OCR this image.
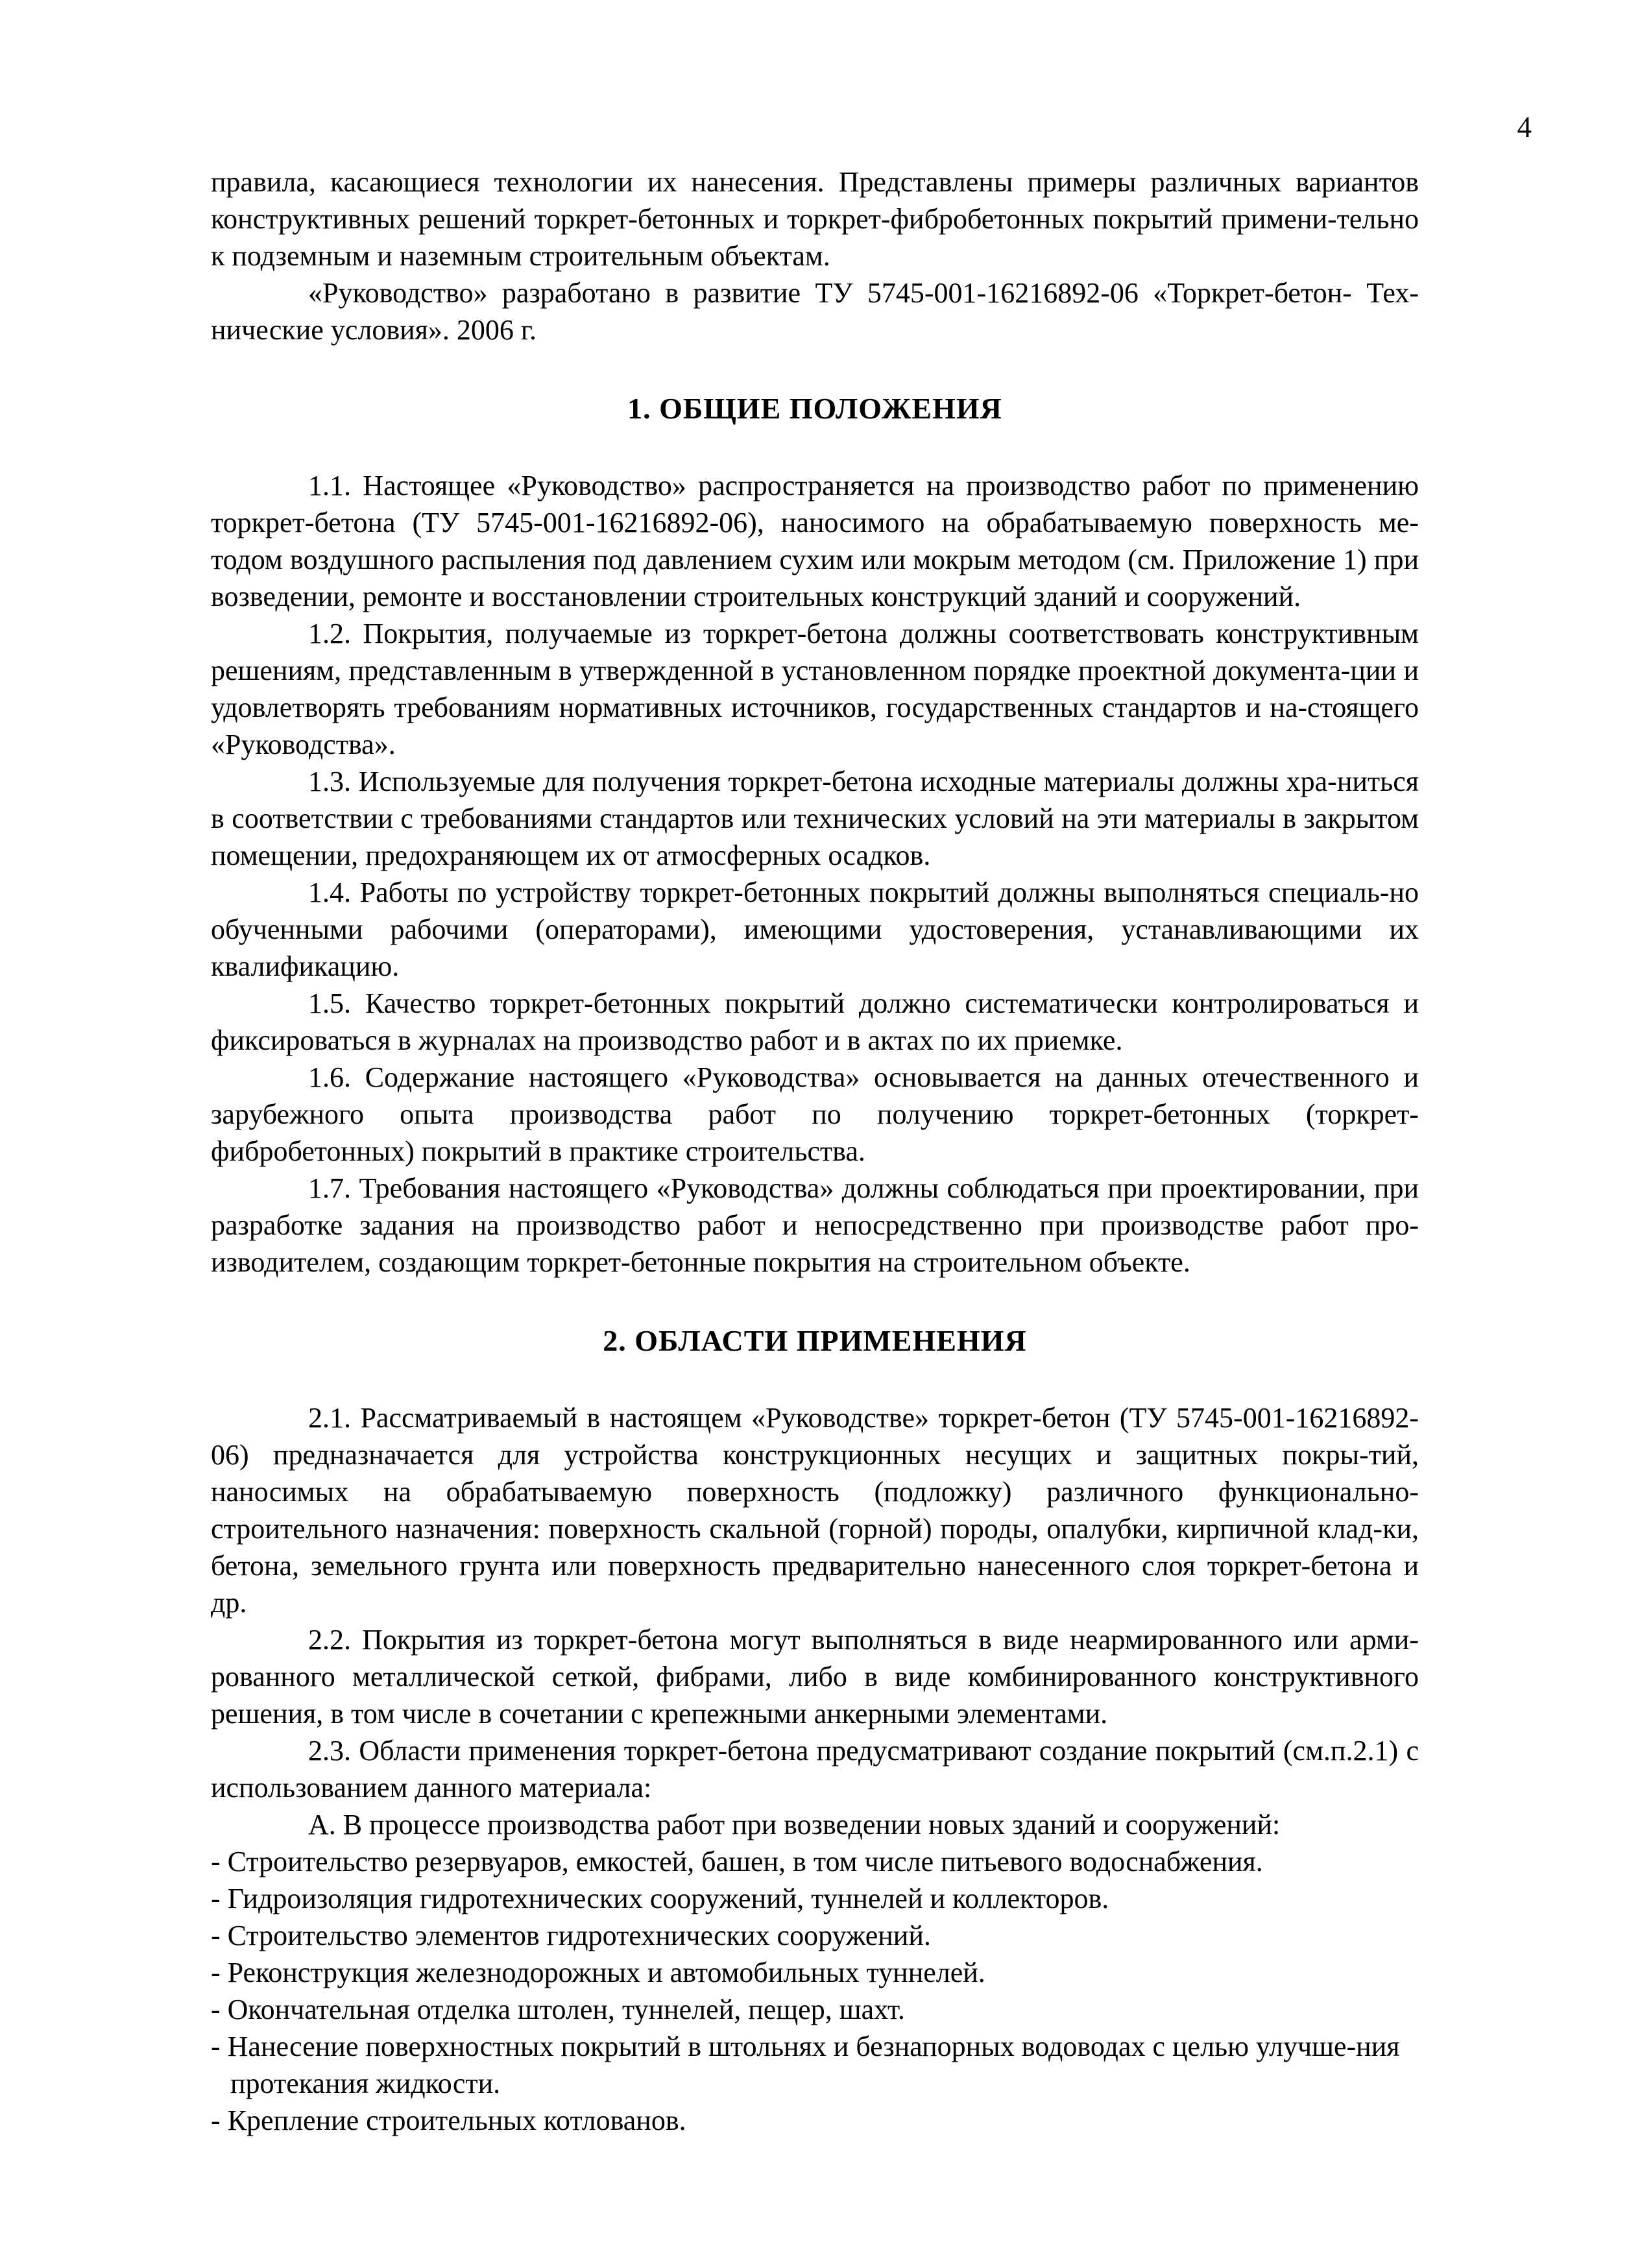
4

правила, касающиеся технологии их нанесения. Представлены примеры различных вариантов конструктивных решений торкрет-бетонных и торкрет-фибробетонных покрытий примени-тельно к подземным и наземным строительным объектам.

«Руководство» разработано в развитие ТУ 5745-001-16216892-06 «Торкрет-бетон- Тех-нические условия». 2006 г.

1. ОБЩИЕ ПОЛОЖЕНИЯ

1.1. Настоящее «Руководство» распространяется на производство работ по применению торкрет-бетона (ТУ 5745-001-16216892-06), наносимого на обрабатываемую поверхность ме-тодом воздушного распыления под давлением сухим или мокрым методом (см. Приложение 1) при возведении, ремонте и восстановлении строительных конструкций зданий и сооружений.

1.2. Покрытия, получаемые из торкрет-бетона должны соответствовать конструктивным решениям, представленным в утвержденной в установленном порядке проектной документа-ции и удовлетворять требованиям нормативных источников, государственных стандартов и на-стоящего «Руководства».

1.3. Используемые для получения торкрет-бетона исходные материалы должны хра-ниться в соответствии с требованиями стандартов или технических условий на эти материалы в закрытом помещении, предохраняющем их от атмосферных осадков.

1.4. Работы по устройству торкрет-бетонных покрытий должны выполняться специаль-но обученными рабочими (операторами), имеющими удостоверения, устанавливающими их квалификацию.

1.5. Качество торкрет-бетонных покрытий должно систематически контролироваться и фиксироваться в журналах на производство работ и в актах по их приемке.

1.6. Содержание настоящего «Руководства» основывается на данных отечественного и зарубежного опыта производства работ по получению торкрет-бетонных (торкрет-фибробетонных) покрытий в практике строительства.

1.7. Требования настоящего «Руководства» должны соблюдаться при проектировании, при разработке задания на производство работ и непосредственно при производстве работ про-изводителем, создающим торкрет-бетонные покрытия на строительном объекте.

2. ОБЛАСТИ ПРИМЕНЕНИЯ

2.1. Рассматриваемый в настоящем «Руководстве» торкрет-бетон (ТУ 5745-001-16216892-06) предназначается для устройства конструкционных несущих и защитных покры-тий, наносимых на обрабатываемую поверхность (подложку) различного функционально-строительного назначения: поверхность скальной (горной) породы, опалубки, кирпичной клад-ки, бетона, земельного грунта или поверхность предварительно нанесенного слоя торкрет-бетона и др.

2.2. Покрытия из торкрет-бетона могут выполняться в виде неармированного или арми-рованного металлической сеткой, фибрами, либо в виде комбинированного конструктивного решения, в том числе в сочетании с крепежными анкерными элементами.

2.3. Области применения торкрет-бетона предусматривают создание покрытий (см.п.2.1) с использованием данного материала:

А. В процессе производства работ при возведении новых зданий и сооружений:

- Строительство резервуаров, емкостей, башен, в том числе питьевого водоснабжения.
- Гидроизоляция гидротехнических сооружений, туннелей и коллекторов.
- Строительство элементов гидротехнических сооружений.
- Реконструкция железнодорожных и автомобильных туннелей.
- Окончательная отделка штолен, туннелей, пещер, шахт.
- Нанесение поверхностных покрытий в штольнях и безнапорных водоводах с целью улучше-ния протекания жидкости.
- Крепление строительных котлованов.
